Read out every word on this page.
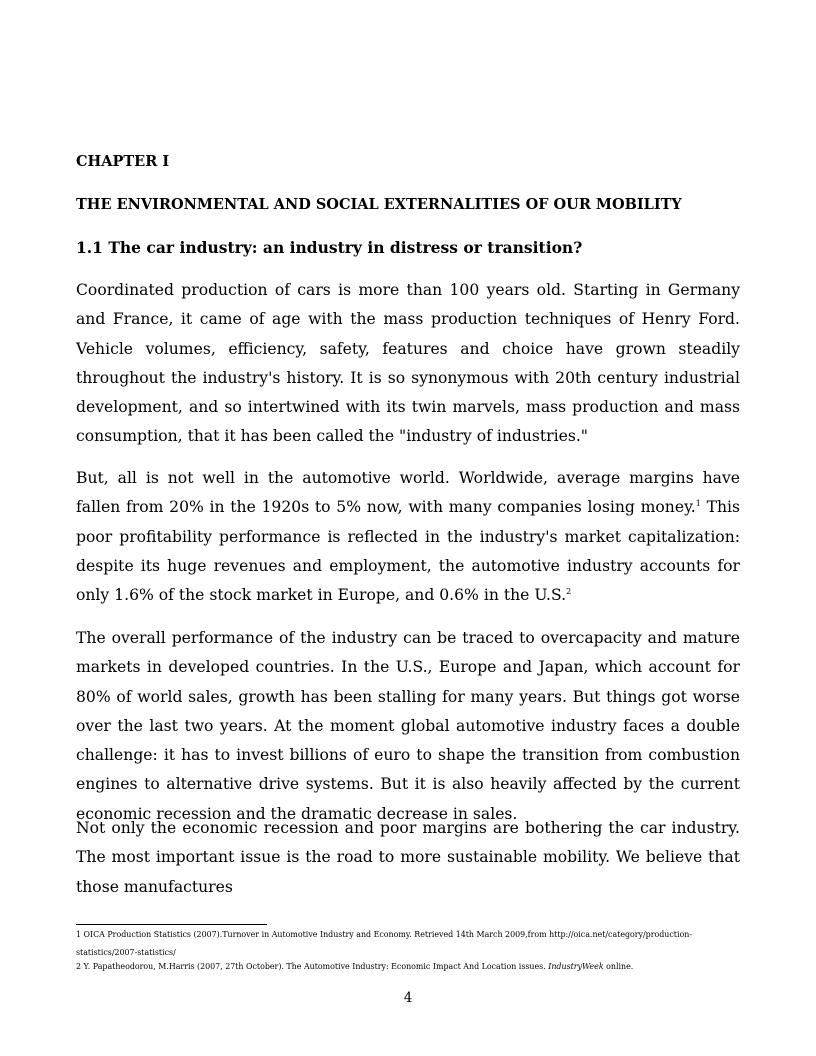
CHAPTER I
THE ENVIRONMENTAL AND SOCIAL EXTERNALITIES OF OUR MOBILITY
1.1 The car industry: an industry in distress or transition?

Coordinated production of cars is more than 100 years old. Starting in Germany and France, it came of age with the mass production techniques of Henry Ford. Vehicle volumes, efficiency, safety, features and choice have grown steadily throughout the industry's history. It is so synonymous with 20th century industrial development, and so intertwined with its twin marvels, mass production and mass consumption, that it has been called the "industry of industries."

But, all is not well in the automotive world. Worldwide, average margins have fallen from 20% in the 1920s to 5% now, with many companies losing money.$^1$ This poor profitability performance is reflected in the industry's market capitalization: despite its huge revenues and employment, the automotive industry accounts for only 1.6% of the stock market in Europe, and 0.6% in the U.S.$^2$

The overall performance of the industry can be traced to overcapacity and mature markets in developed countries. In the U.S., Europe and Japan, which account for 80% of world sales, growth has been stalling for many years. But things got worse over the last two years. At the moment global automotive industry faces a double challenge: it has to invest billions of euro to shape the transition from combustion engines to alternative drive systems. But it is also heavily affected by the current economic recession and the dramatic decrease in sales.

Not only the economic recession and poor margins are bothering the car industry. The most important issue is the road to more sustainable mobility. We believe that those manufactures

1 OICA Production Statistics (2007).Turnover in Automotive Industry and Economy. Retrieved 14th March 2009,from http://oica.net/category/production-statistics/2007-statistics/

2 Y. Papatheodorou, M.Harris (2007, 27th October). The Automotive Industry: Economic Impact And Location issues. IndustryWeek online.

4
